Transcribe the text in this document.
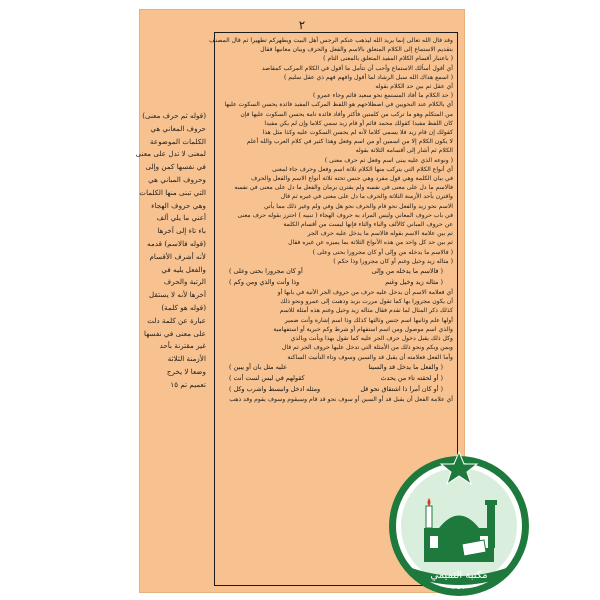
٢
(قوله ثم حرف معنى)
حروف المعاني هي
الكلمات الموضوعة
لمعنى لا تدل على معنى
في نفسها كمن وإلى
وحروف المباني هي
التي تبنى منها الكلمات
وهي حروف الهجاء
أعني ما يلي ألف
باء تاء إلى آخرها
(قوله فالاسم) قدمه
لأنه أشرف الأقسام
والفعل يليه في
الرتبة والحرف
آخرها لأنه لا يستقل
(قوله هو كلمة)
عبارة عن كلمة دلت
على معنى في نفسها
غير مقترنة بأحد
الأزمنة الثلاثة
وضعا لا يخرج
تعميم تم ١٥
وقد قال الله تعالى إنما يريد الله ليذهب عنكم الرجس أهل البيت ويطهركم تطهيرا ثم قال المصنف
بتقديم الاستماع إلى الكلام المتعلق بالاسم والفعل والحرف وبيان معانيها فقال
( باعتبار أقسام الكلام المفيد المتعلق بالمعنى التام )
أي أقول أسألك الاستماع وأحب أن تتأمل ما أقول في الكلام المركب كمقاصد
( اسمع هداك الله سبل الرشاد لما أقول وافهم فهم ذي عقل سليم )
أي عقل ثم بين حد الكلام بقوله
( حد الكلام ما أفاد المستمع نحو سعيد قائم وجاء عمرو )
أي بالكلام عند النحويين في اصطلاحهم هو اللفظ المركب المفيد فائدة يحسن السكوت عليها
من المتكلم وهو ما تركب من كلمتين فأكثر وأفاد فائدة تامة يحسن السكوت عليها فإن
كان اللفظ مفيدا كقولك محمد قائم أو قام زيد سمي كلاما وإن لم يكن مفيدا
كقولك إن قام زيد فلا يسمى كلاما لأنه لم يحسن السكوت عليه وكذا مثل هذا
لا يكون الكلام إلا من اسمين أو من اسم وفعل وهذا كثير في كلام العرب والله أعلم
الكلام ثم أشار إلى أقسامه الثلاثة بقوله
( ونوعه الذي عليه يبنى اسم وفعل ثم حرف معنى )
أي أنواع الكلام التي يتركب منها الكلام ثلاثة اسم وفعل وحرف جاء لمعنى
في بيان الكلمة وهي قول مفرد وهي جنس تحته ثلاثة أنواع الاسم والفعل والحرف
فالاسم ما دل على معنى في نفسه ولم يقترن بزمان والفعل ما دل على معنى في نفسه
واقترن بأحد الأزمنة الثلاثة والحرف ما دل على معنى في غيره ثم قال
الاسم نحو زيد والفعل نحو قام والحرف نحو هل وفي ولم وغير ذلك مما يأتي
في باب حروف المعاني وليس المراد به حروف الهجاء ( تنبيه ) احترز بقوله حرف معنى
عن حروف المباني كالألف والباء والتاء فإنها ليست من أقسام الكلمة
ثم بين علامة الاسم بقوله فالاسم ما يدخل عليه حرف الجر
ثم بين حد كل واحد من هذه الأنواع الثلاثة بما يميزه عن غيره فقال
( فالاسم ما يدخله من وإلى أو كان مجرورا بحتى وعلى )
( مثاله زيد وخيل وغنم أو كان مجرورا وذا حكم )
( فالاسم ما يدخله من وإلى
أو كان مجرورا بحتى وعلى )
( مثاله زيد وخيل وغنم
وذا وأنت والذي ومن وكم )
أي فعلامة الاسم أن يدخل عليه حرف من حروف الجر الآتية في بابها أو
أن يكون مجرورا بها كما تقول مررت بزيد وذهبت إلى عمرو ونحو ذلك
كذلك ذكر المثال لما تقدم فقال مثاله زيد وخيل وغنم هذه أمثلة للاسم
أولها علم وثانيها اسم جنس وثالثها كذلك وذا اسم إشارة وأنت ضمير
والذي اسم موصول ومن اسم استفهام أو شرط وكم خبرية أو استفهامية
وكل ذلك يقبل دخول حرف الجر عليه كما تقول بهذا وبأنت وبالذي
وبمن وبكم ونحو ذلك من الأمثلة التي تدخل عليها حروف الجر ثم قال
وأما الفعل فعلامته أن يقبل قد والسين وسوف وتاء التأنيث الساكنة
( والفعل ما يدخل قد والسينا
عليه مثل بان أو يبين )
( أو لحقته تاء من يحدث
كقولهم في ليس لست أنت )
( أو كان أمرا ذا اشتقاق نحو قل
ومثله ادخل وانبسط واشرب وكل )
أي علامة الفعل أن يقبل قد أو السين أو سوف نحو قد قام وسيقوم وسوف يقوم وقد ذهب
مكتبة التميمي
١٩٩٣
